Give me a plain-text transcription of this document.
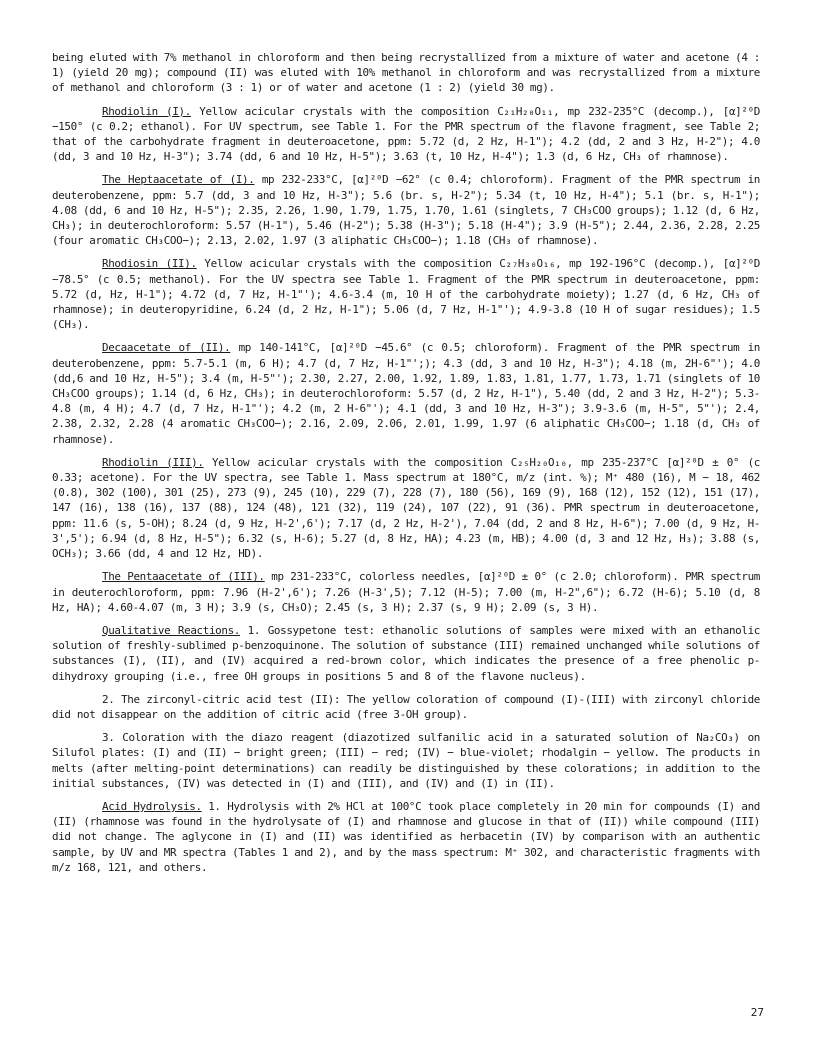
being eluted with 7% methanol in chloroform and then being recrystallized from a mixture of water and acetone (4 : 1) (yield 20 mg); compound (II) was eluted with 10% methanol in chloroform and was recrystallized from a mixture of methanol and chloroform (3 : 1) or of water and acetone (1 : 2) (yield 30 mg).

Rhodiolin (I). Yellow acicular crystals with the composition C₂₁H₂₀O₁₁, mp 232-235°C (decomp.), [α]²⁰D −150° (c 0.2; ethanol). For UV spectrum, see Table 1. For the PMR spectrum of the flavone fragment, see Table 2; that of the carbohydrate fragment in deuteroacetone, ppm: 5.72 (d, 2 Hz, H-1"); 4.2 (dd, 2 and 3 Hz, H-2"); 4.0 (dd, 3 and 10 Hz, H-3"); 3.74 (dd, 6 and 10 Hz, H-5"); 3.63 (t, 10 Hz, H-4"); 1.3 (d, 6 Hz, CH₃ of rhamnose).

The Heptaacetate of (I). mp 232-233°C, [α]²⁰D −62° (c 0.4; chloroform). Fragment of the PMR spectrum in deuterobenzene, ppm: 5.7 (dd, 3 and 10 Hz, H-3"); 5.6 (br. s, H-2"); 5.34 (t, 10 Hz, H-4"); 5.1 (br. s, H-1"); 4.08 (dd, 6 and 10 Hz, H-5"); 2.35, 2.26, 1.90, 1.79, 1.75, 1.70, 1.61 (singlets, 7 CH₃COO groups); 1.12 (d, 6 Hz, CH₃); in deuterochloroform: 5.57 (H-1"), 5.46 (H-2"); 5.38 (H-3"); 5.18 (H-4"); 3.9 (H-5"); 2.44, 2.36, 2.28, 2.25 (four aromatic CH₃COO−); 2.13, 2.02, 1.97 (3 aliphatic CH₃COO−); 1.18 (CH₃ of rhamnose).

Rhodiosin (II). Yellow acicular crystals with the composition C₂₇H₃₀O₁₆, mp 192-196°C (decomp.), [α]²⁰D −78.5° (c 0.5; methanol). For the UV spectra see Table 1. Fragment of the PMR spectrum in deuteroacetone, ppm: 5.72 (d, Hz, H-1"); 4.72 (d, 7 Hz, H-1"'); 4.6-3.4 (m, 10 H of the carbohydrate moiety); 1.27 (d, 6 Hz, CH₃ of rhamnose); in deuteropyridine, 6.24 (d, 2 Hz, H-1"); 5.06 (d, 7 Hz, H-1"'); 4.9-3.8 (10 H of sugar residues); 1.5 (CH₃).

Decaacetate of (II). mp 140-141°C, [α]²⁰D −45.6° (c 0.5; chloroform). Fragment of the PMR spectrum in deuterobenzene, ppm: 5.7-5.1 (m, 6 H); 4.7 (d, 7 Hz, H-1"';); 4.3 (dd, 3 and 10 Hz, H-3"); 4.18 (m, 2H-6"'); 4.0 (dd,6 and 10 Hz, H-5"); 3.4 (m, H-5"'); 2.30, 2.27, 2.00, 1.92, 1.89, 1.83, 1.81, 1.77, 1.73, 1.71 (singlets of 10 CH₃COO groups); 1.14 (d, 6 Hz, CH₃); in deuterochloroform: 5.57 (d, 2 Hz, H-1"), 5.40 (dd, 2 and 3 Hz, H-2"); 5.3-4.8 (m, 4 H); 4.7 (d, 7 Hz, H-1"'); 4.2 (m, 2 H-6"'); 4.1 (dd, 3 and 10 Hz, H-3"); 3.9-3.6 (m, H-5", 5"'); 2.4, 2.38, 2.32, 2.28 (4 aromatic CH₃COO−); 2.16, 2.09, 2.06, 2.01, 1.99, 1.97 (6 aliphatic CH₃COO−; 1.18 (d, CH₃ of rhamnose).

Rhodiolin (III). Yellow acicular crystals with the composition C₂₅H₂₀O₁₀, mp 235-237°C [α]²⁰D ± 0° (c 0.33; acetone). For the UV spectra, see Table 1. Mass spectrum at 180°C, m/z (int. %); M⁺ 480 (16), M − 18, 462 (0.8), 302 (100), 301 (25), 273 (9), 245 (10), 229 (7), 228 (7), 180 (56), 169 (9), 168 (12), 152 (12), 151 (17), 147 (16), 138 (16), 137 (88), 124 (48), 121 (32), 119 (24), 107 (22), 91 (36). PMR spectrum in deuteroacetone, ppm: 11.6 (s, 5-OH); 8.24 (d, 9 Hz, H-2',6'); 7.17 (d, 2 Hz, H-2'), 7.04 (dd, 2 and 8 Hz, H-6"); 7.00 (d, 9 Hz, H-3',5'); 6.94 (d, 8 Hz, H-5"); 6.32 (s, H-6); 5.27 (d, 8 Hz, HA); 4.23 (m, HB); 4.00 (d, 3 and 12 Hz, H₃); 3.88 (s, OCH₃); 3.66 (dd, 4 and 12 Hz, HD).

The Pentaacetate of (III). mp 231-233°C, colorless needles, [α]²⁰D ± 0° (c 2.0; chloroform). PMR spectrum in deuterochloroform, ppm: 7.96 (H-2',6'); 7.26 (H-3',5); 7.12 (H-5); 7.00 (m, H-2",6"); 6.72 (H-6); 5.10 (d, 8 Hz, HA); 4.60-4.07 (m, 3 H); 3.9 (s, CH₃O); 2.45 (s, 3 H); 2.37 (s, 9 H); 2.09 (s, 3 H).

Qualitative Reactions. 1. Gossypetone test: ethanolic solutions of samples were mixed with an ethanolic solution of freshly-sublimed p-benzoquinone. The solution of substance (III) remained unchanged while solutions of substances (I), (II), and (IV) acquired a red-brown color, which indicates the presence of a free phenolic p-dihydroxy grouping (i.e., free OH groups in positions 5 and 8 of the flavone nucleus).

2. The zirconyl-citric acid test (II): The yellow coloration of compound (I)-(III) with zirconyl chloride did not disappear on the addition of citric acid (free 3-OH group).

3. Coloration with the diazo reagent (diazotized sulfanilic acid in a saturated solution of Na₂CO₃) on Silufol plates: (I) and (II) − bright green; (III) − red; (IV) − blue-violet; rhodalgin − yellow. The products in melts (after melting-point determinations) can readily be distinguished by these colorations; in addition to the initial substances, (IV) was detected in (I) and (III), and (IV) and (I) in (II).

Acid Hydrolysis. 1. Hydrolysis with 2% HCl at 100°C took place completely in 20 min for compounds (I) and (II) (rhamnose was found in the hydrolysate of (I) and rhamnose and glucose in that of (II)) while compound (III) did not change. The aglycone in (I) and (II) was identified as herbacetin (IV) by comparison with an authentic sample, by UV and MR spectra (Tables 1 and 2), and by the mass spectrum: M⁺ 302, and characteristic fragments with m/z 168, 121, and others.

27
